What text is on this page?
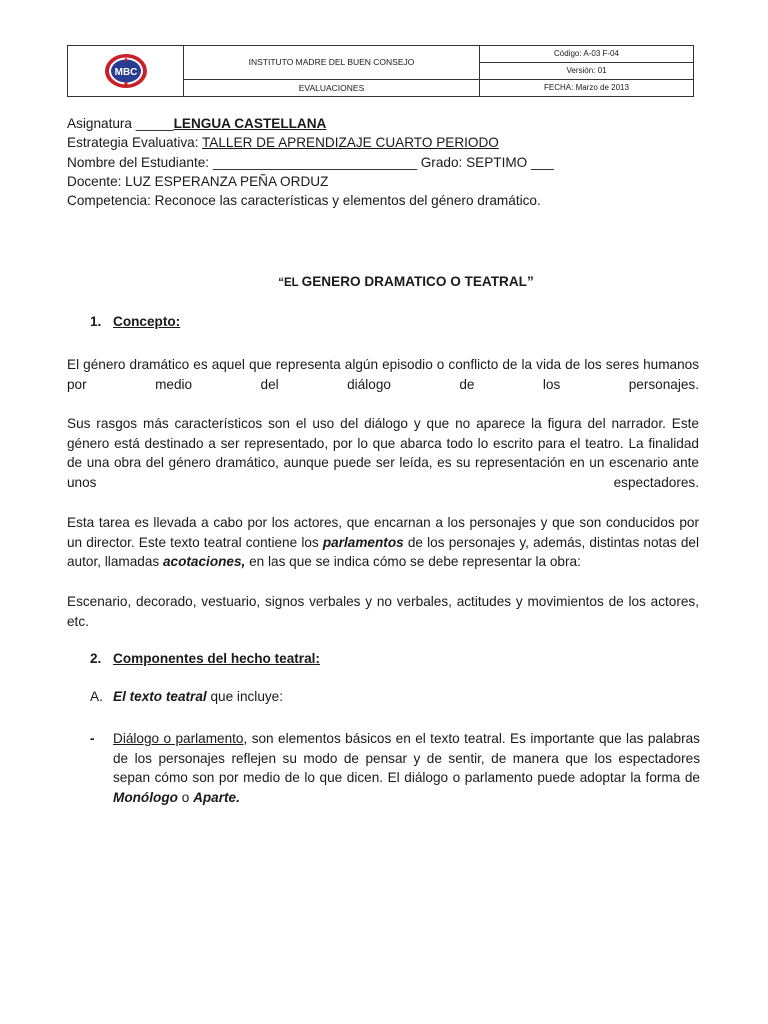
MBC	INSTITUTO MADRE DEL BUEN CONSEJO	Código: A-03 F-04
		Versión: 01
	EVALUACIONES	FECHA: Marzo de 2013
Asignatura _____LENGUA CASTELLANA
Estrategia Evaluativa: TALLER DE APRENDIZAJE CUARTO PERIODO
Nombre del Estudiante: ___________________________ Grado: SEPTIMO ___
Docente: LUZ ESPERANZA PEÑA ORDUZ
Competencia: Reconoce las características y elementos del género dramático.
“EL GENERO DRAMATICO O TEATRAL”
1. Concepto:
El género dramático es aquel que representa algún episodio o conflicto de la vida de los seres humanos por medio del diálogo de los personajes.
Sus rasgos más característicos son el uso del diálogo y que no aparece la figura del narrador. Este género está destinado a ser representado, por lo que abarca todo lo escrito para el teatro. La finalidad de una obra del género dramático, aunque puede ser leída, es su representación en un escenario ante unos espectadores.
Esta tarea es llevada a cabo por los actores, que encarnan a los personajes y que son conducidos por un director. Este texto teatral contiene los parlamentos de los personajes y, además, distintas notas del autor, llamadas acotaciones, en las que se indica cómo se debe representar la obra:
Escenario, decorado, vestuario, signos verbales y no verbales, actitudes y movimientos de los actores, etc.
2. Componentes del hecho teatral:
A. El texto teatral que incluye:
- Diálogo o parlamento, son elementos básicos en el texto teatral. Es importante que las palabras de los personajes reflejen su modo de pensar y de sentir, de manera que los espectadores sepan cómo son por medio de lo que dicen. El diálogo o parlamento puede adoptar la forma de Monólogo o Aparte.
